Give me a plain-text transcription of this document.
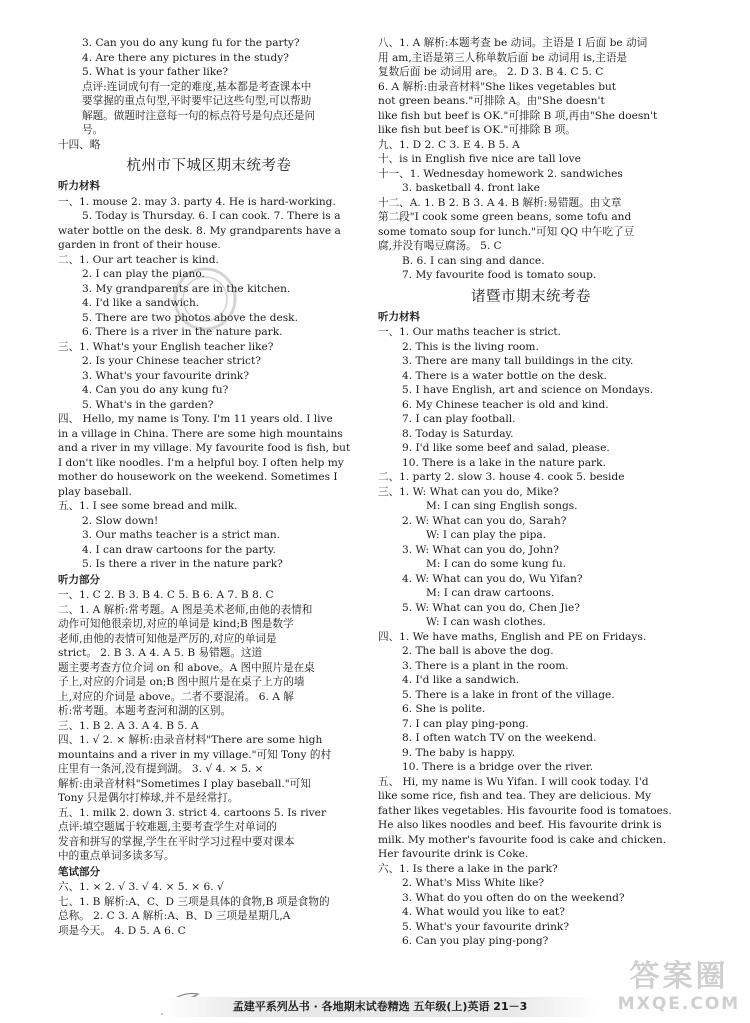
3. Can you do any kung fu for the party?
4. Are there any pictures in the study?
5. What is your father like?
点评:连词成句有一定的难度,基本都是考查课本中
要掌握的重点句型,平时要牢记这些句型,可以帮助
解题。做题时注意每一句的标点符号是句点还是问
号。
十四、略
杭州市下城区期末统考卷
听力材料
一、1. mouse 2. may 3. party 4. He is hard-working.
5. Today is Thursday. 6. I can cook. 7. There is a
water bottle on the desk. 8. My grandparents have a
garden in front of their house.
二、1. Our art teacher is kind.
2. I can play the piano.
3. My grandparents are in the kitchen.
4. I'd like a sandwich.
5. There are two photos above the desk.
6. There is a river in the nature park.
三、1. What's your English teacher like?
2. Is your Chinese teacher strict?
3. What's your favourite drink?
4. Can you do any kung fu?
5. What's in the garden?
四、 Hello, my name is Tony. I'm 11 years old. I live
in a village in China. There are some high mountains
and a river in my village. My favourite food is fish, but
I don't like noodles. I'm a helpful boy. I often help my
mother do housework on the weekend. Sometimes I
play baseball.
五、1. I see some bread and milk.
2. Slow down!
3. Our maths teacher is a strict man.
4. I can draw cartoons for the party.
5. Is there a river in the nature park?
听力部分
一、1. C 2. B 3. B 4. C 5. B 6. A 7. B 8. C
二、1. A 解析:常考题。A 图是美术老师,由他的表情和
动作可知他很亲切,对应的单词是 kind;B 图是数学
老师,由他的表情可知他是严厉的,对应的单词是
strict。 2. B 3. A 4. A 5. B 易错题。这道
题主要考查方位介词 on 和 above。A 图中照片是在桌
子上,对应的介词是 on;B 图中照片是在桌子上方的墙
上,对应的介词是 above。二者不要混淆。 6. A 解
析:常考题。本题考查河和湖的区别。
三、1. B 2. A 3. A 4. B 5. A
四、1. √ 2. × 解析:由录音材料"There are some high
mountains and a river in my village."可知 Tony 的村
庄里有一条河,没有提到湖。 3. √ 4. × 5. ×
解析:由录音材料"Sometimes I play baseball."可知
Tony 只是偶尔打棒球,并不是经常打。
五、1. milk 2. down 3. strict 4. cartoons 5. Is river
点评:填空题属于较难题,主要考查学生对单词的
发音和拼写的掌握,学生在平时学习过程中要对课本
中的重点单词多读多写。
笔试部分
六、1. × 2. √ 3. √ 4. × 5. × 6. √
七、1. B 解析:A、C、D 三项是具体的食物,B 项是食物的
总称。 2. C 3. A 解析:A、B、D 三项是星期几,A
项是今天。 4. D 5. A 6. C
八、1. A 解析:本题考查 be 动词。主语是 I 后面 be 动词
用 am,主语是第三人称单数后面 be 动词用 is,主语是
复数后面 be 动词用 are。 2. D 3. B 4. C 5. C
6. A 解析:由录音材料"She likes vegetables but
not green beans."可排除 A。由"She doesn't
like fish but beef is OK."可排除 B 项,再由"She doesn't
like fish but beef is OK."可排除 B 项。
九、1. D 2. C 3. E 4. B 5. A
十、is in English five nice are tall love
十一、1. Wednesday homework 2. sandwiches
3. basketball 4. front lake
十二、A. 1. B 2. B 3. A 4. B 解析:易错题。由文章
第二段"I cook some green beans, some tofu and
some tomato soup for lunch."可知 QQ 中午吃了豆
腐,并没有喝豆腐汤。 5. C
B. 6. I can sing and dance.
7. My favourite food is tomato soup.
诸暨市期末统考卷
听力材料
一、1. Our maths teacher is strict.
2. This is the living room.
3. There are many tall buildings in the city.
4. There is a water bottle on the desk.
5. I have English, art and science on Mondays.
6. My Chinese teacher is old and kind.
7. I can play football.
8. Today is Saturday.
9. I'd like some beef and salad, please.
10. There is a lake in the nature park.
二、1. party 2. slow 3. house 4. cook 5. beside
三、1. W: What can you do, Mike?
M: I can sing English songs.
2. W: What can you do, Sarah?
W: I can play the pipa.
3. W: What can you do, John?
M: I can do some kung fu.
4. W: What can you do, Wu Yifan?
M: I can draw cartoons.
5. W: What can you do, Chen Jie?
W: I can wash clothes.
四、1. We have maths, English and PE on Fridays.
2. The ball is above the dog.
3. There is a plant in the room.
4. I'd like a sandwich.
5. There is a lake in front of the village.
6. She is polite.
7. I can play ping-pong.
8. I often watch TV on the weekend.
9. The baby is happy.
10. There is a bridge over the river.
五、 Hi, my name is Wu Yifan. I will cook today. I'd
like some rice, fish and tea. They are delicious. My
father likes vegetables. His favourite food is tomatoes.
He also likes noodles and beef. His favourite drink is
milk. My mother's favourite food is cake and chicken.
Her favourite drink is Coke.
六、1. Is there a lake in the park?
2. What's Miss White like?
3. What do you often do on the weekend?
4. What would you like to eat?
5. What's your favourite drink?
6. Can you play ping-pong?
孟建平系列丛书 · 各地期末试卷精选 五年级(上)英语 21－3
答案圈
MXQE.COM
